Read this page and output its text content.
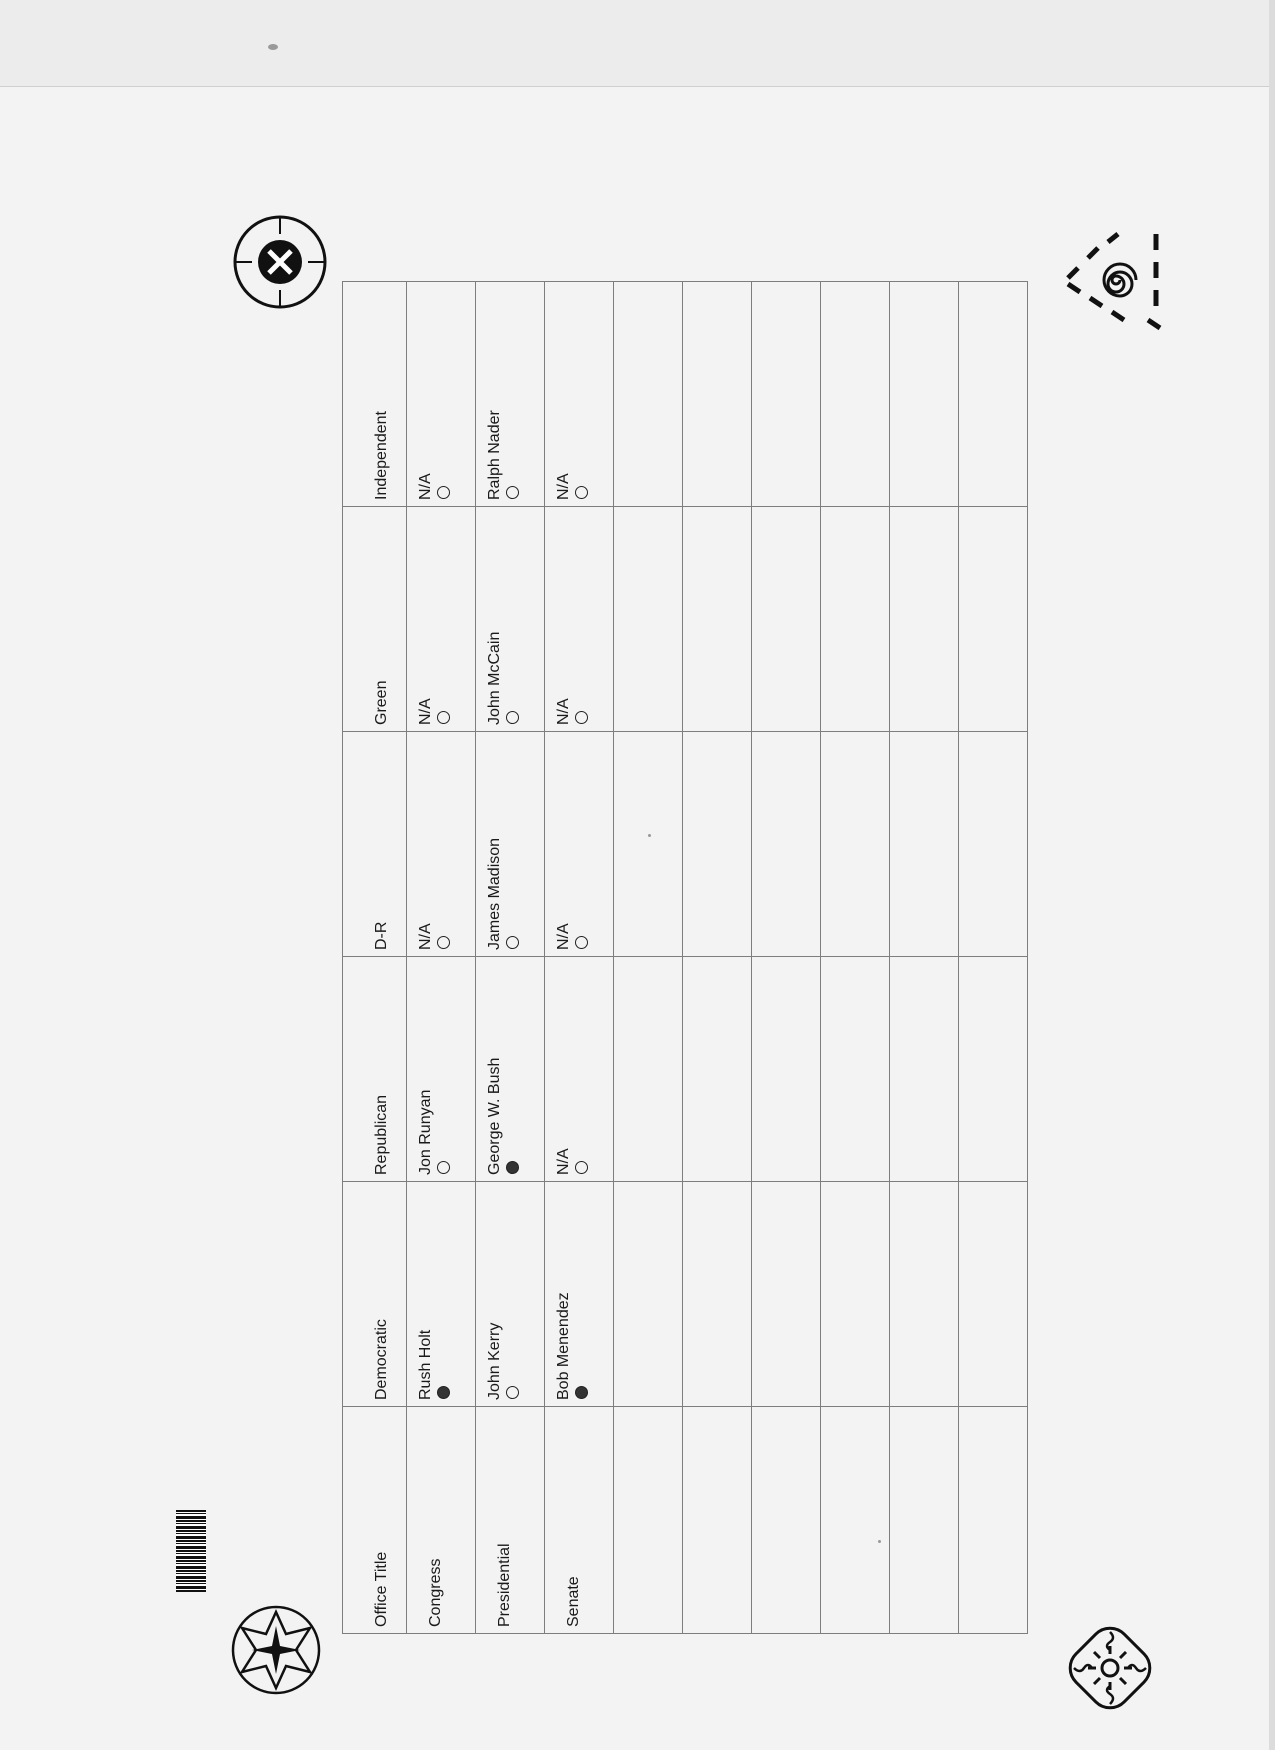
Office Title	Democratic	Republican	D-R	Green	Independent
Congress	Rush Holt	Jon Runyan	N/A	N/A	N/A

Presidential	John Kerry	George W. Bush	James Madison	John McCain	Ralph Nader

Senate	Bob Menendez	N/A	N/A	N/A	N/A
